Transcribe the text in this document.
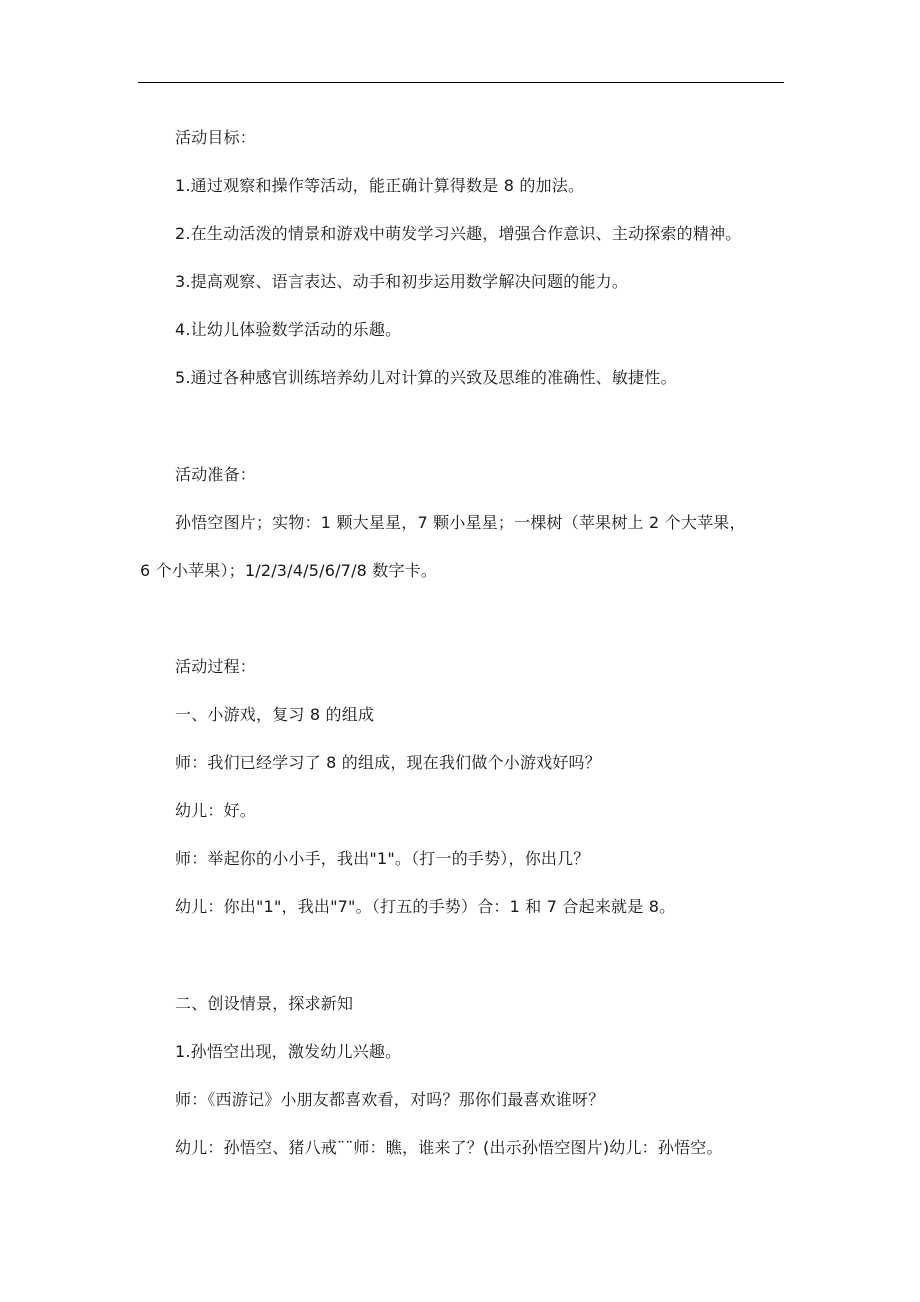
活动目标：
1.通过观察和操作等活动，能正确计算得数是 8 的加法。
2.在生动活泼的情景和游戏中萌发学习兴趣，增强合作意识、主动探索的精神。
3.提高观察、语言表达、动手和初步运用数学解决问题的能力。
4.让幼儿体验数学活动的乐趣。
5.通过各种感官训练培养幼儿对计算的兴致及思维的准确性、敏捷性。
活动准备：
孙悟空图片；实物：1 颗大星星，7 颗小星星；一棵树（苹果树上 2 个大苹果，
6 个小苹果）；1/2/3/4/5/6/7/8 数字卡。
活动过程：
一、小游戏，复习 8 的组成
师：我们已经学习了 8 的组成，现在我们做个小游戏好吗？
幼儿：好。
师：举起你的小小手，我出"1"。（打一的手势），你出几？
幼儿：你出"1"，我出"7"。（打五的手势）合：1 和 7 合起来就是 8。
二、创设情景，探求新知
1.孙悟空出现，激发幼儿兴趣。
师：《西游记》小朋友都喜欢看，对吗？那你们最喜欢谁呀？
幼儿：孙悟空、猪八戒¨¨师：瞧，谁来了？(出示孙悟空图片)幼儿：孙悟空。
